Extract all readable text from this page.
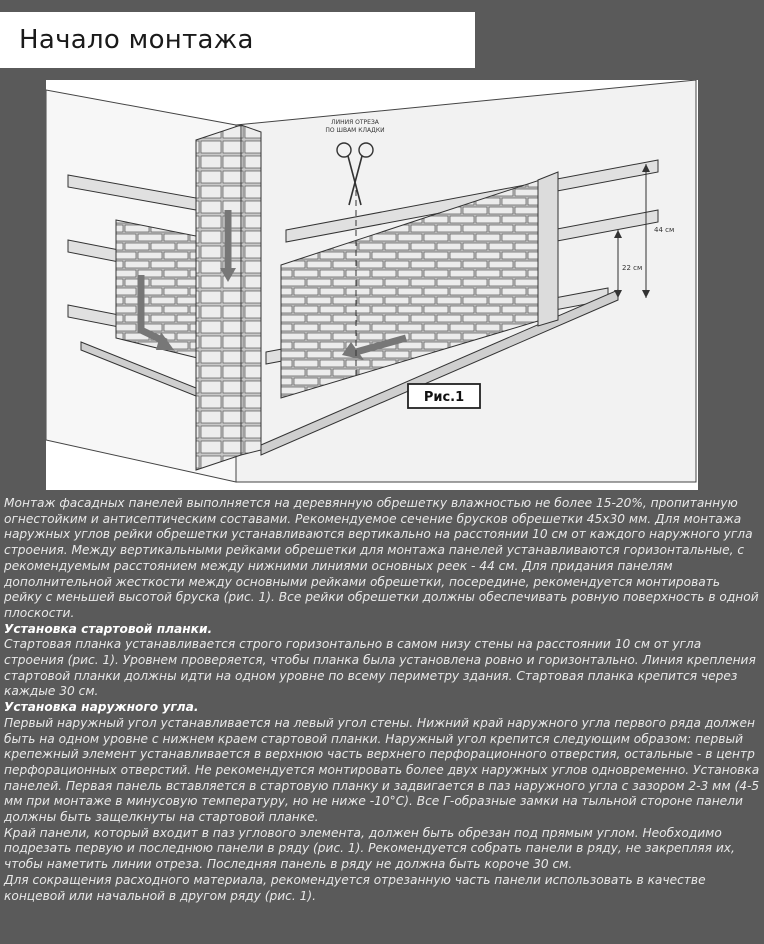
Начало монтажа
ЛИНИЯ ОТРЕЗА
ПО ШВАМ КЛАДКИ
44 см
22 см
Рис.1

Монтаж фасадных панелей выполняется на деревянную обрешетку влажностью не более 15-20%, пропитанную огнестойким и антисептическим составами. Рекомендуемое сечение брусков обрешетки 45х30 мм. Для монтажа наружных углов рейки обрешетки устанавливаются вертикально на расстоянии 10 см от каждого наружного угла строения. Между вертикальными рейками обрешетки для монтажа панелей устанавливаются горизонтальные, с рекомендуемым расстоянием между нижними линиями основных реек - 44 см. Для придания панелям дополнительной жесткости между основными рейками обрешетки, посередине, рекомендуется монтировать рейку с меньшей высотой бруска (рис. 1). Все рейки обрешетки должны обеспечивать ровную поверхность в одной плоскости.

Установка стартовой планки.

Стартовая планка устанавливается строго горизонтально в самом низу стены на расстоянии 10 см от угла строения (рис. 1). Уровнем проверяется, чтобы планка была установлена ровно и горизонтально. Линия крепления стартовой планки должны идти на одном уровне по всему периметру здания. Стартовая планка крепится через каждые 30 см.

Установка наружного угла.

Первый наружный угол устанавливается на левый угол стены. Нижний край наружного угла первого ряда должен быть на одном уровне с нижнем краем стартовой планки. Наружный угол крепится следующим образом: первый крепежный элемент устанавливается в верхнюю часть верхнего перфорационного отверстия, остальные - в центр перфорационных отверстий. Не рекомендуется монтировать более двух наружных углов одновременно. Установка панелей. Первая панель вставляется в стартовую планку и задвигается в паз наружного угла с зазором 2-3 мм (4-5 мм при монтаже в минусовую температуру, но не ниже -10°С). Все Г-образные замки на тыльной стороне панели должны быть защелкнуты на стартовой планке.

Край панели, который входит в паз углового элемента, должен быть обрезан под прямым углом. Необходимо подрезать первую и последнюю панели в ряду (рис. 1). Рекомендуется собрать панели в ряду, не закрепляя их, чтобы наметить линии отреза. Последняя панель в ряду не должна быть короче 30 см.

Для сокращения расходного материала, рекомендуется отрезанную часть панели использовать в качестве концевой или начальной в другом ряду (рис. 1).
